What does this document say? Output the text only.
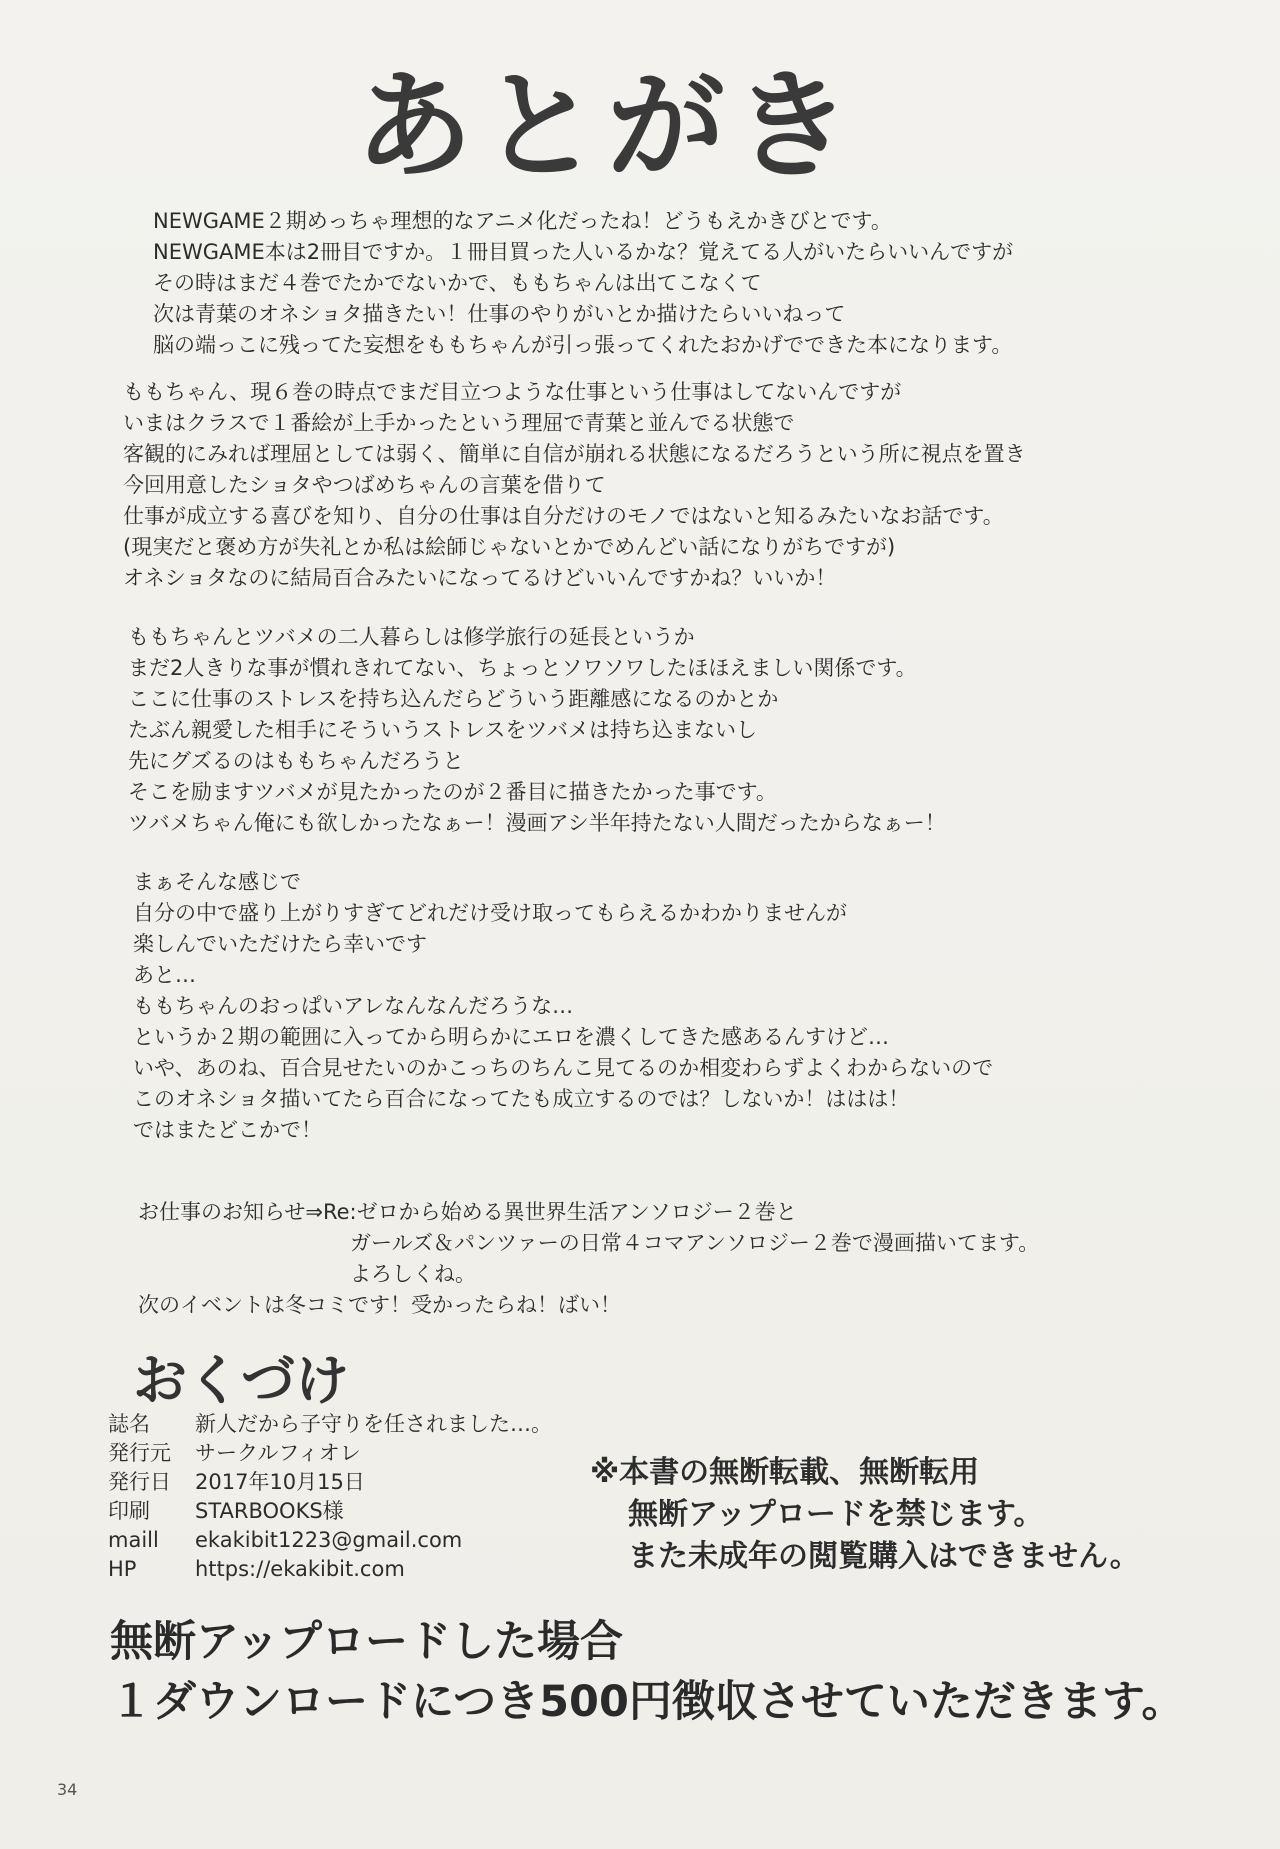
あとがき

NEWGAME２期めっちゃ理想的なアニメ化だったね！どうもえかきびとです。
NEWGAME本は2冊目ですか。１冊目買った人いるかな？覚えてる人がいたらいいんですが
その時はまだ４巻でたかでないかで、ももちゃんは出てこなくて
次は青葉のオネショタ描きたい！仕事のやりがいとか描けたらいいねって
脳の端っこに残ってた妄想をももちゃんが引っ張ってくれたおかげでできた本になります。

ももちゃん、現６巻の時点でまだ目立つような仕事という仕事はしてないんですが
いまはクラスで１番絵が上手かったという理屈で青葉と並んでる状態で
客観的にみれば理屈としては弱く、簡単に自信が崩れる状態になるだろうという所に視点を置き
今回用意したショタやつばめちゃんの言葉を借りて
仕事が成立する喜びを知り、自分の仕事は自分だけのモノではないと知るみたいなお話です。
(現実だと褒め方が失礼とか私は絵師じゃないとかでめんどい話になりがちですが)
オネショタなのに結局百合みたいになってるけどいいんですかね？いいか！

ももちゃんとツバメの二人暮らしは修学旅行の延長というか
まだ2人きりな事が慣れきれてない、ちょっとソワソワしたほほえましい関係です。
ここに仕事のストレスを持ち込んだらどういう距離感になるのかとか
たぶん親愛した相手にそういうストレスをツバメは持ち込まないし
先にグズるのはももちゃんだろうと
そこを励ますツバメが見たかったのが２番目に描きたかった事です。
ツバメちゃん俺にも欲しかったなぁー！漫画アシ半年持たない人間だったからなぁー！

まぁそんな感じで
自分の中で盛り上がりすぎてどれだけ受け取ってもらえるかわかりませんが
楽しんでいただけたら幸いです
あと…
ももちゃんのおっぱいアレなんなんだろうな…
というか２期の範囲に入ってから明らかにエロを濃くしてきた感あるんすけど…
いや、あのね、百合見せたいのかこっちのちんこ見てるのか相変わらずよくわからないので
このオネショタ描いてたら百合になってたも成立するのでは？しないか！ははは！
ではまたどこかで！

お仕事のお知らせ⇒Re:ゼロから始める異世界生活アンソロジー２巻と

ガールズ＆パンツァーの日常４コマアンソロジー２巻で漫画描いてます。

よろしくね。

次のイベントは冬コミです！受かったらね！ばい！

おくづけ
誌名 新人だから子守りを任されました…。
発行元 サークルフィオレ
発行日 2017年10月15日
印刷 STARBOOKS様
maill ekakibit1223@gmail.com
HP	https://ekakibit.com
※本書の無断転載、無断転用
無断アップロードを禁じます。
また未成年の閲覧購入はできません。
無断アップロードした場合
１ダウンロードにつき500円徴収させていただきます。
34
